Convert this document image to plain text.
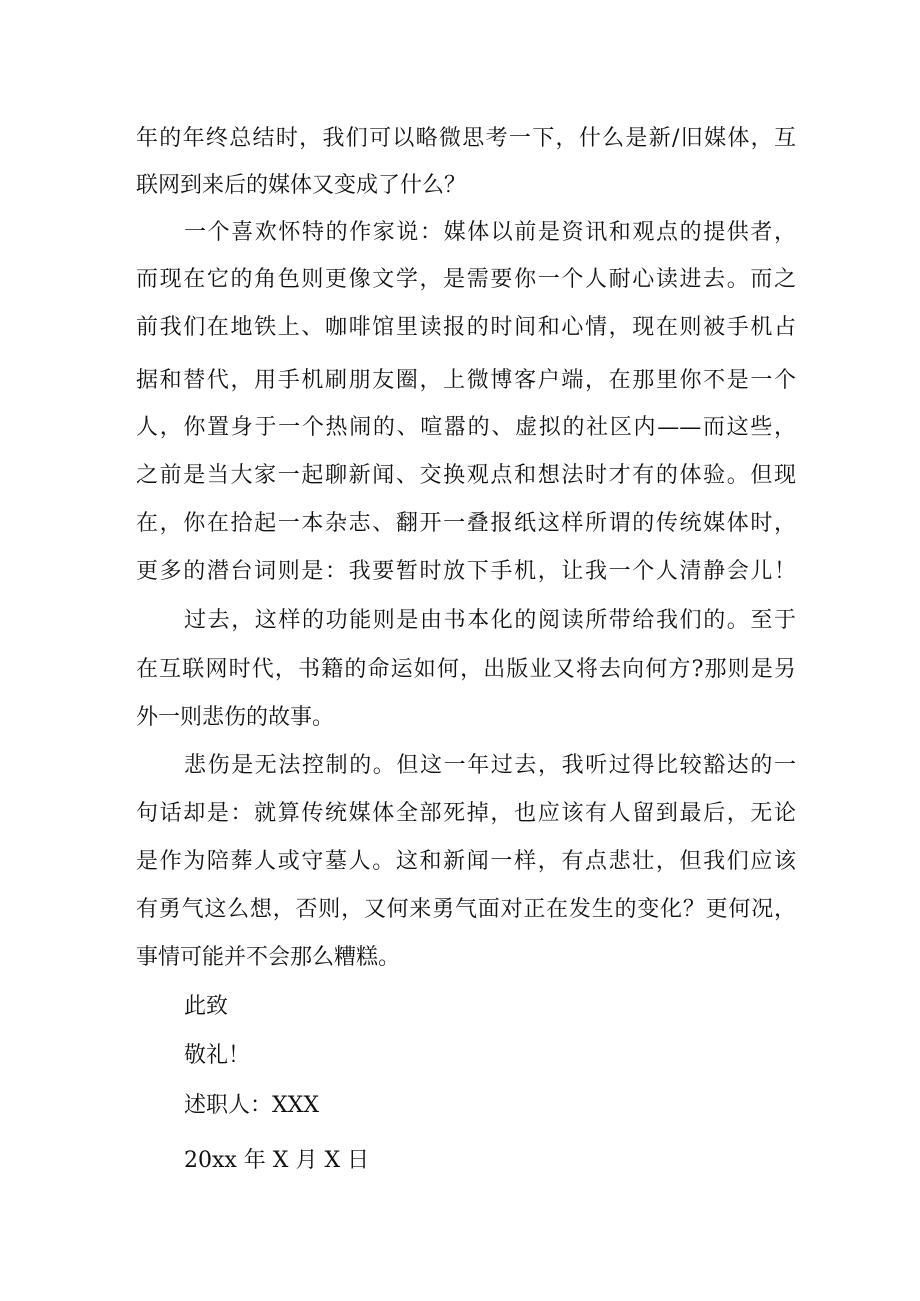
年的年终总结时，我们可以略微思考一下，什么是新/旧媒体，互
联网到来后的媒体又变成了什么？
一个喜欢怀特的作家说：媒体以前是资讯和观点的提供者，
而现在它的角色则更像文学，是需要你一个人耐心读进去。而之
前我们在地铁上、咖啡馆里读报的时间和心情，现在则被手机占
据和替代，用手机刷朋友圈，上微博客户端，在那里你不是一个
人，你置身于一个热闹的、喧嚣的、虚拟的社区内——而这些，
之前是当大家一起聊新闻、交换观点和想法时才有的体验。但现
在，你在拾起一本杂志、翻开一叠报纸这样所谓的传统媒体时，
更多的潜台词则是：我要暂时放下手机，让我一个人清静会儿！
过去，这样的功能则是由书本化的阅读所带给我们的。至于
在互联网时代，书籍的命运如何，出版业又将去向何方?那则是另
外一则悲伤的故事。
悲伤是无法控制的。但这一年过去，我听过得比较豁达的一
句话却是：就算传统媒体全部死掉，也应该有人留到最后，无论
是作为陪葬人或守墓人。这和新闻一样，有点悲壮，但我们应该
有勇气这么想，否则，又何来勇气面对正在发生的变化？更何况，
事情可能并不会那么糟糕。
此致
敬礼！
述职人：XXX
20xx 年 X 月 X 日
